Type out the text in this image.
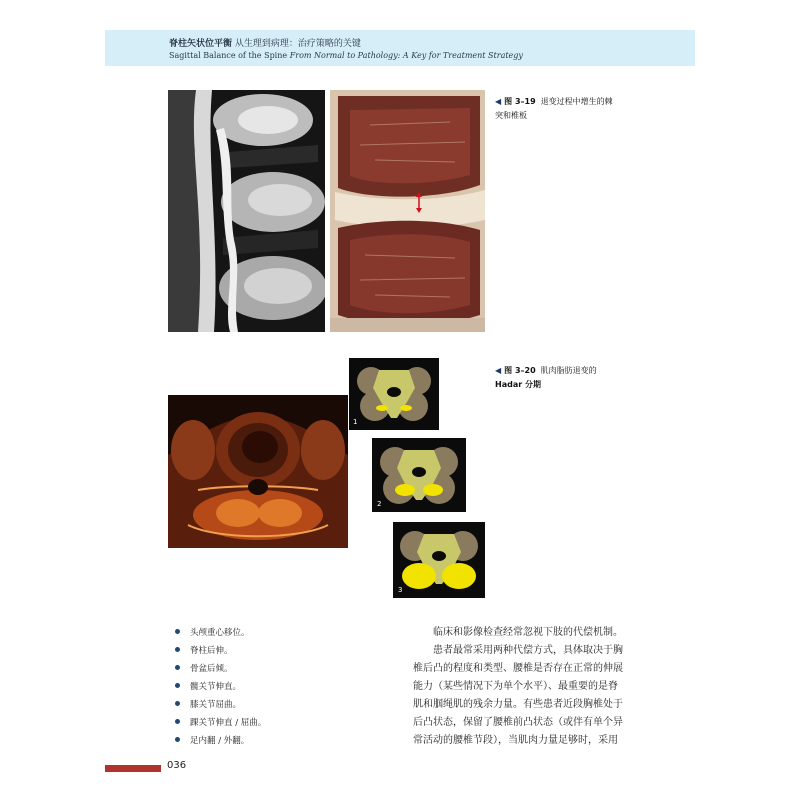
脊柱矢状位平衡 从生理到病理：治疗策略的关键
Sagittal Balance of the Spine From Normal to Pathology: A Key for Treatment Strategy
◀ 图 3–19 退变过程中增生的棘
突和椎板
1
2
3
◀ 图 3–20 肌肉脂肪退变的
Hadar 分期
头颅重心移位。
脊柱后伸。
骨盆后倾。
髋关节伸直。
膝关节屈曲。
踝关节伸直 / 屈曲。
足内翻 / 外翻。
临床和影像检查经常忽视下肢的代偿机制。
患者最常采用两种代偿方式，具体取决于胸
椎后凸的程度和类型、腰椎是否存在正常的伸展
能力（某些情况下为单个水平）、最重要的是脊
肌和腘绳肌的残余力量。有些患者近段胸椎处于
后凸状态，保留了腰椎前凸状态（或伴有单个异
常活动的腰椎节段），当肌肉力量足够时，采用
036
